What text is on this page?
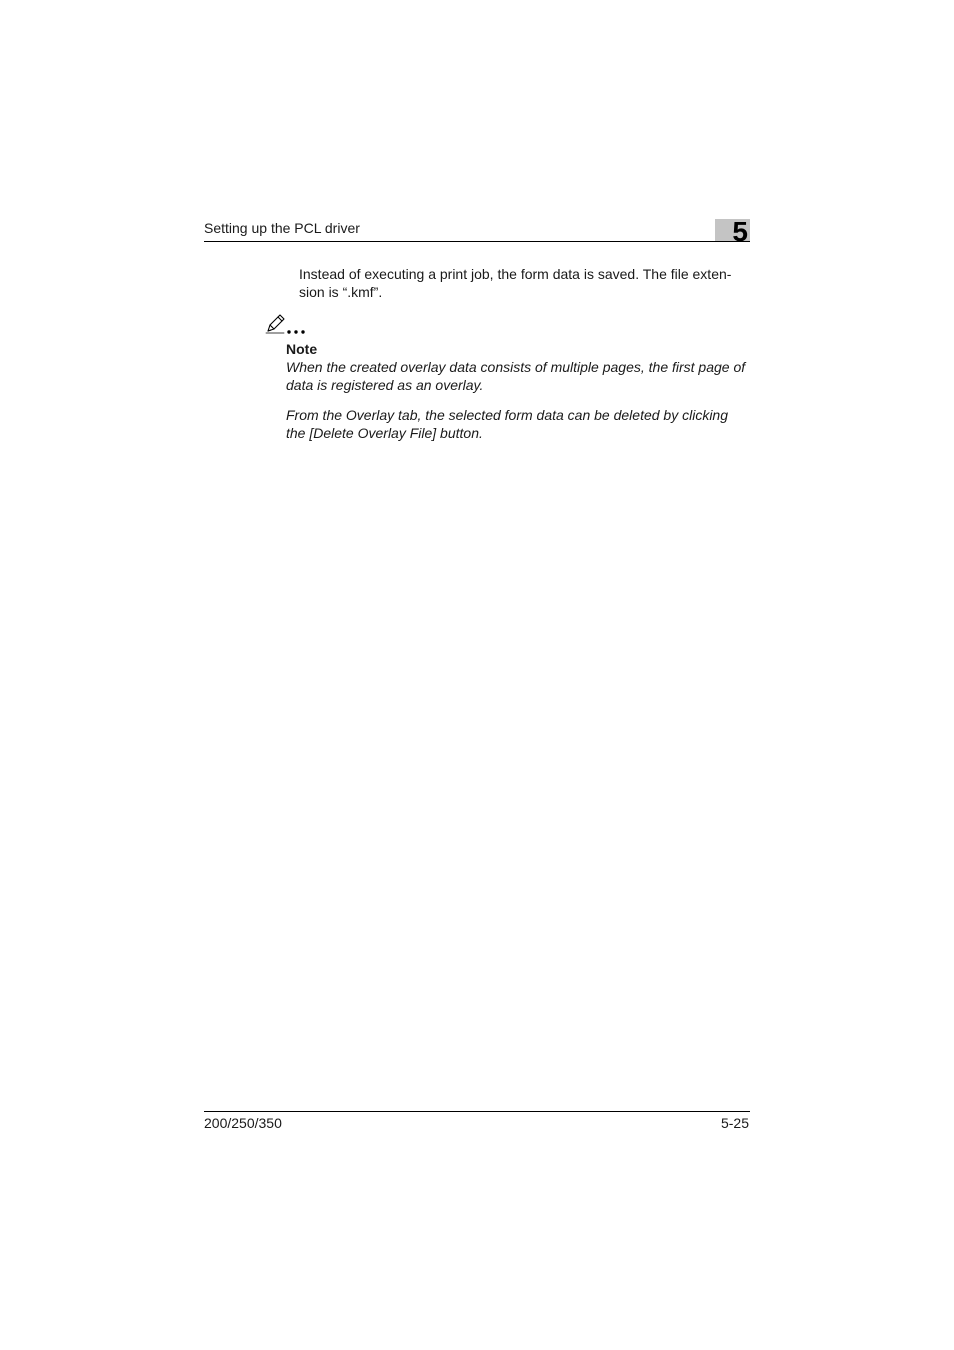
Setting up the PCL driver	5
Instead of executing a print job, the form data is saved. The file exten-sion is “.kmf”.
Note
When the created overlay data consists of multiple pages, the first page of data is registered as an overlay.
From the Overlay tab, the selected form data can be deleted by clicking the [Delete Overlay File] button.
200/250/350	5-25
